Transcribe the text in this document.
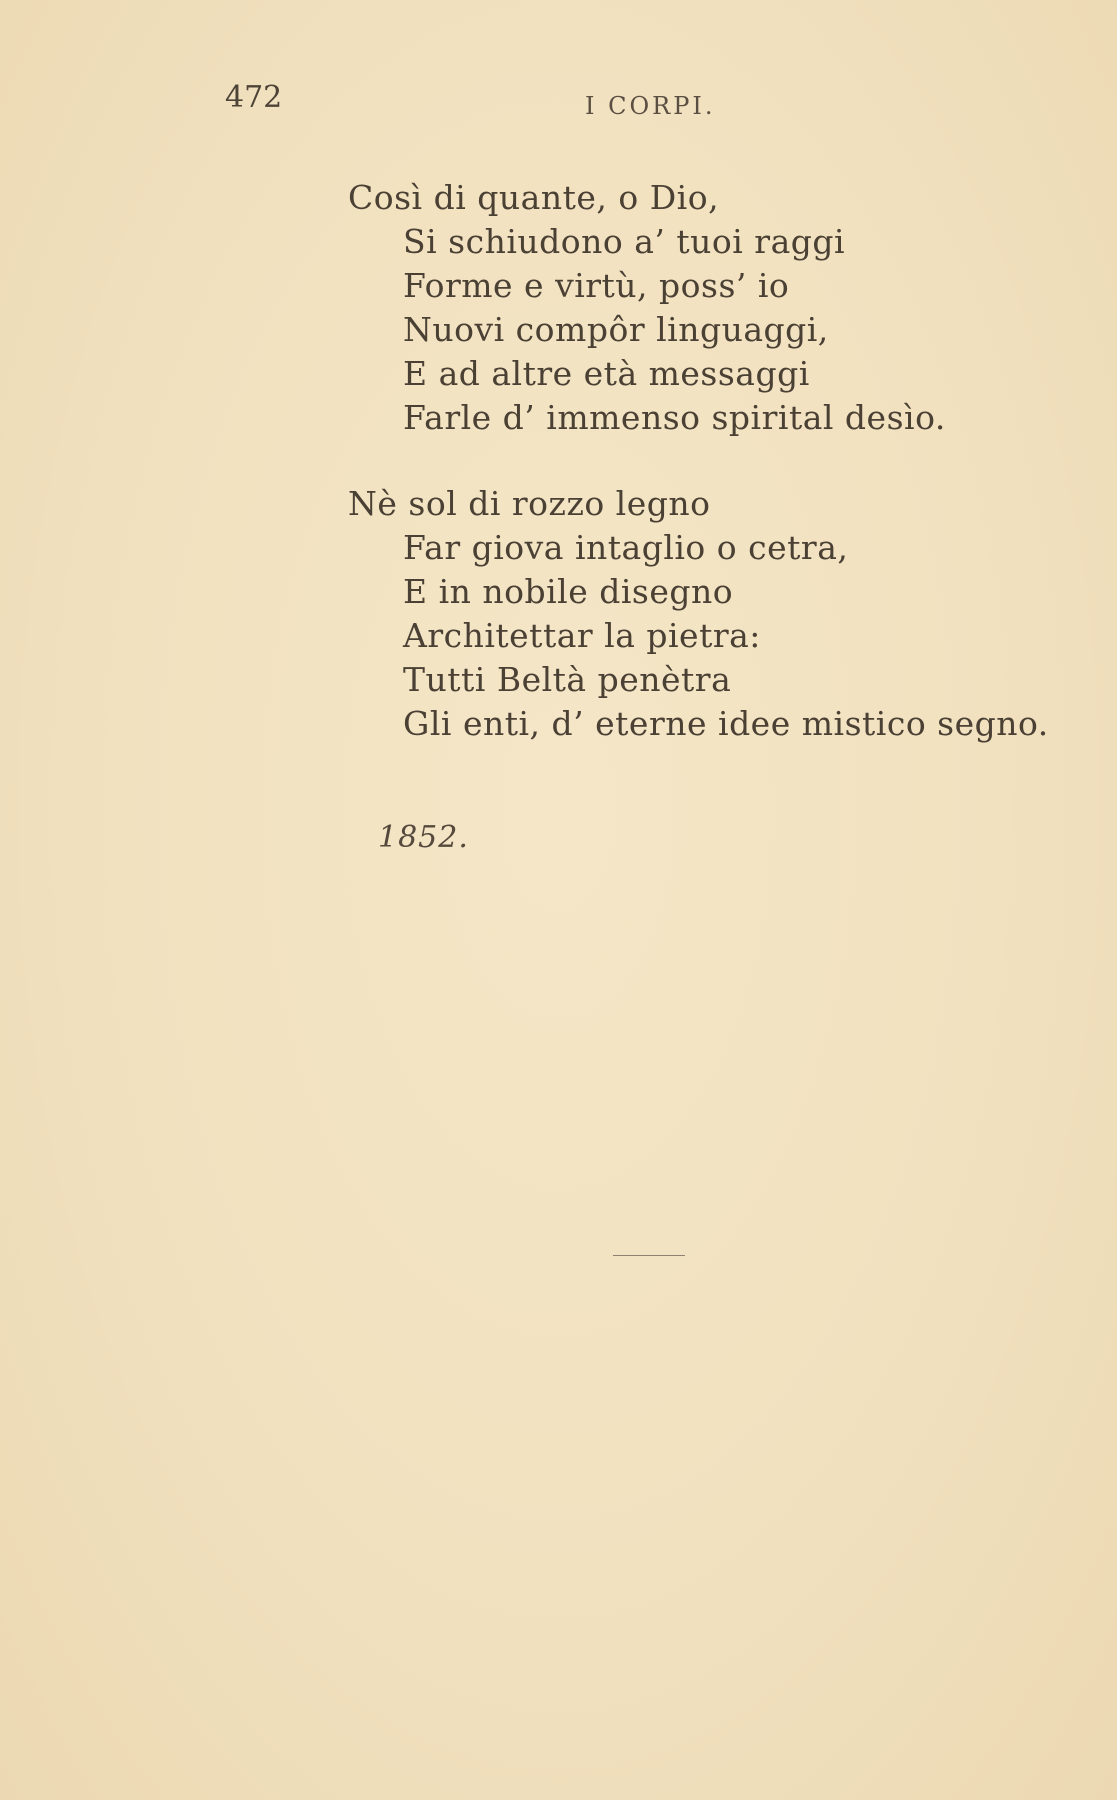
472	I CORPI.
Così di quante, o Dio,
Si schiudono a’ tuoi raggi
Forme e virtù, poss’ io
Nuovi compôr linguaggi,
E ad altre età messaggi
Farle d’ immenso spirital desìo.
Nè sol di rozzo legno
Far giova intaglio o cetra,
E in nobile disegno
Architettar la pietra:
Tutti Beltà penètra
Gli enti, d’ eterne idee mistico segno.
1852.
